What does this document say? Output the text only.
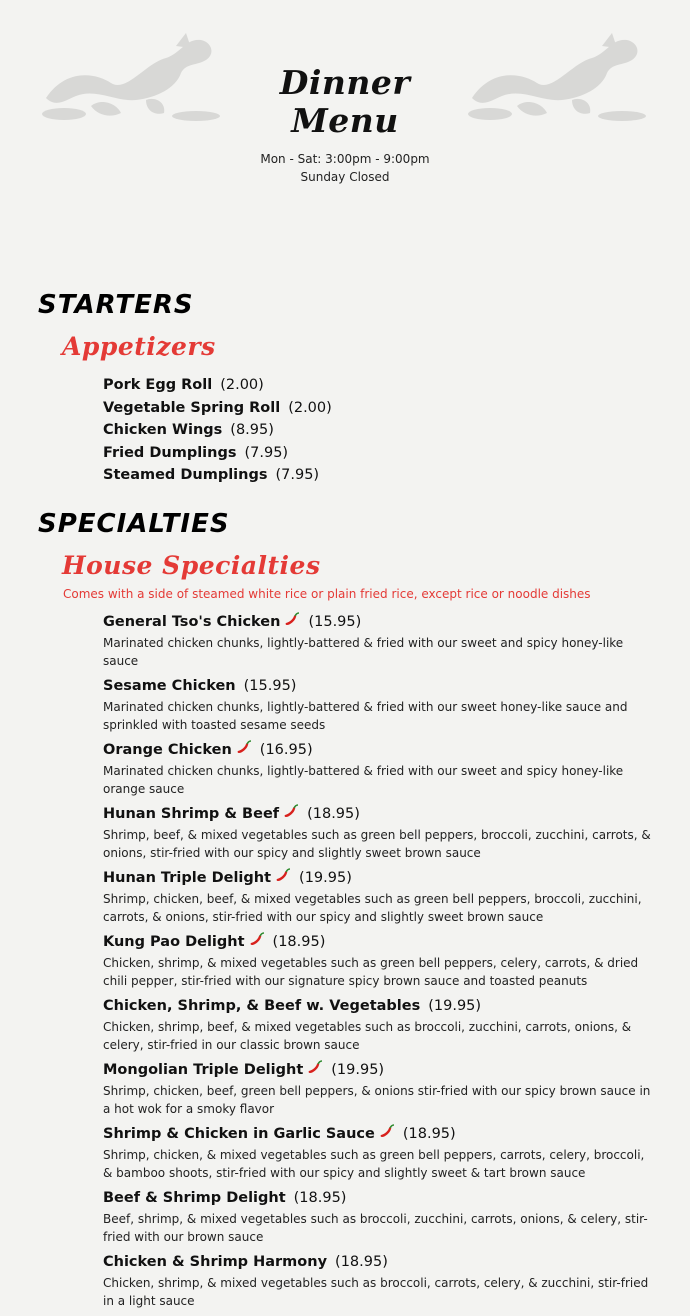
Dinner
Menu
Mon - Sat: 3:00pm - 9:00pm
Sunday Closed
STARTERS
Appetizers
Pork Egg Roll (2.00)
Vegetable Spring Roll (2.00)
Chicken Wings (8.95)
Fried Dumplings (7.95)
Steamed Dumplings (7.95)
SPECIALTIES
House Specialties
Comes with a side of steamed white rice or plain fried rice, except rice or noodle dishes
General Tso's Chicken (15.95)
Marinated chicken chunks, lightly-battered & fried with our sweet and spicy honey-like sauce
Sesame Chicken (15.95)
Marinated chicken chunks, lightly-battered & fried with our sweet honey-like sauce and sprinkled with toasted sesame seeds
Orange Chicken (16.95)
Marinated chicken chunks, lightly-battered & fried with our sweet and spicy honey-like orange sauce
Hunan Shrimp & Beef (18.95)
Shrimp, beef, & mixed vegetables such as green bell peppers, broccoli, zucchini, carrots, & onions, stir-fried with our spicy and slightly sweet brown sauce
Hunan Triple Delight (19.95)
Shrimp, chicken, beef, & mixed vegetables such as green bell peppers, broccoli, zucchini, carrots, & onions, stir-fried with our spicy and slightly sweet brown sauce
Kung Pao Delight (18.95)
Chicken, shrimp, & mixed vegetables such as green bell peppers, celery, carrots, & dried chili pepper, stir-fried with our signature spicy brown sauce and toasted peanuts
Chicken, Shrimp, & Beef w. Vegetables (19.95)
Chicken, shrimp, beef, & mixed vegetables such as broccoli, zucchini, carrots, onions, & celery, stir-fried in our classic brown sauce
Mongolian Triple Delight (19.95)
Shrimp, chicken, beef, green bell peppers, & onions stir-fried with our spicy brown sauce in a hot wok for a smoky flavor
Shrimp & Chicken in Garlic Sauce (18.95)
Shrimp, chicken, & mixed vegetables such as green bell peppers, carrots, celery, broccoli, & bamboo shoots, stir-fried with our spicy and slightly sweet & tart brown sauce
Beef & Shrimp Delight (18.95)
Beef, shrimp, & mixed vegetables such as broccoli, zucchini, carrots, onions, & celery, stir-fried with our brown sauce
Chicken & Shrimp Harmony (18.95)
Chicken, shrimp, & mixed vegetables such as broccoli, carrots, celery, & zucchini, stir-fried in a light sauce
